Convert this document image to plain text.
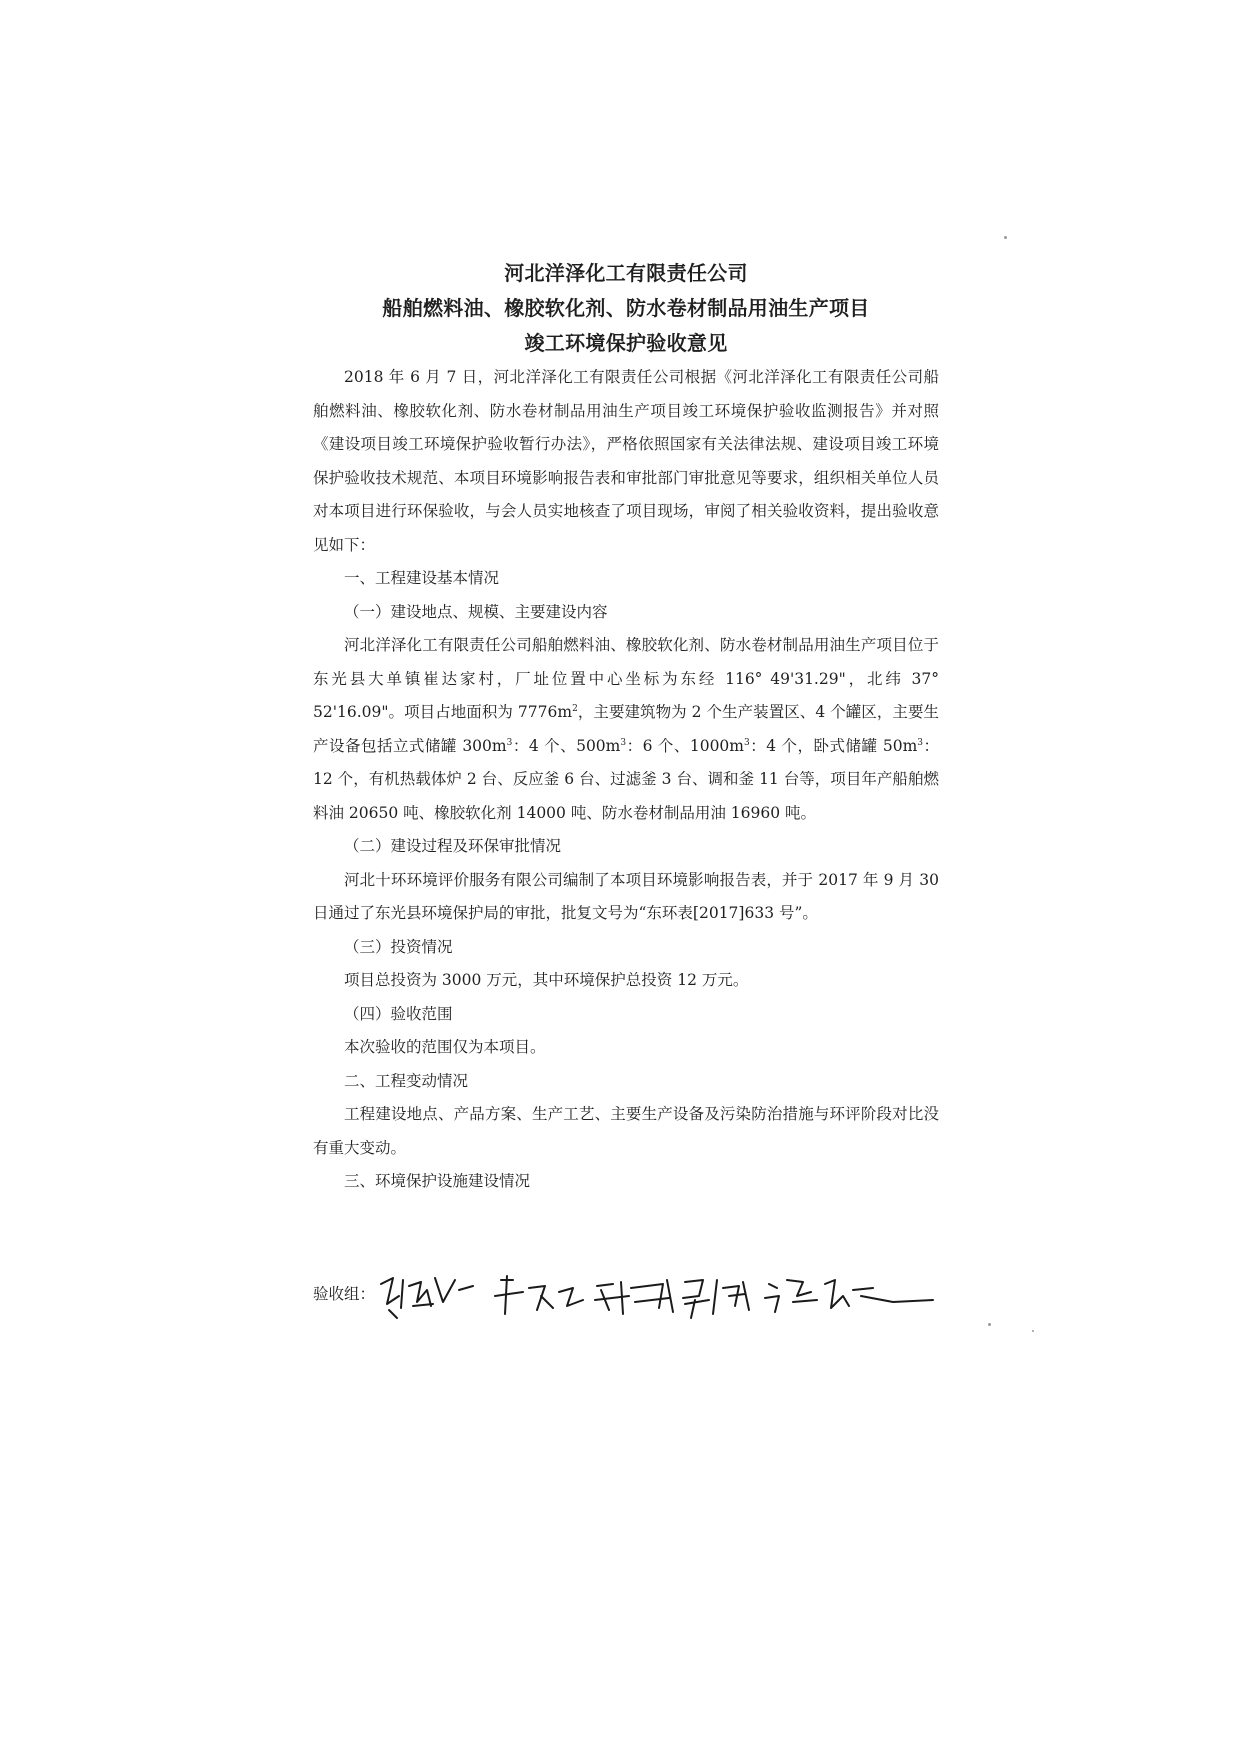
河北洋泽化工有限责任公司

船舶燃料油、橡胶软化剂、防水卷材制品用油生产项目

竣工环境保护验收意见

2018 年 6 月 7 日，河北洋泽化工有限责任公司根据《河北洋泽化工有限责任公司船舶燃料油、橡胶软化剂、防水卷材制品用油生产项目竣工环境保护验收监测报告》并对照《建设项目竣工环境保护验收暂行办法》，严格依照国家有关法律法规、建设项目竣工环境保护验收技术规范、本项目环境影响报告表和审批部门审批意见等要求，组织相关单位人员对本项目进行环保验收，与会人员实地核查了项目现场，审阅了相关验收资料，提出验收意见如下：

一、工程建设基本情况

（一）建设地点、规模、主要建设内容

河北洋泽化工有限责任公司船舶燃料油、橡胶软化剂、防水卷材制品用油生产项目位于东光县大单镇崔达家村，厂址位置中心坐标为东经 116° 49'31.29"，北纬 37° 52'16.09"。项目占地面积为 $7776m^2$，主要建筑物为 2 个生产装置区、4 个罐区，主要生产设备包括立式储罐 $300m^3$：4 个、$500m^3$：6 个、$1000m^3$：4 个，卧式储罐 $50m^3$：12 个，有机热载体炉 2 台、反应釜 6 台、过滤釜 3 台、调和釜 11 台等，项目年产船舶燃料油 20650 吨、橡胶软化剂 14000 吨、防水卷材制品用油 16960 吨。

（二）建设过程及环保审批情况

河北十环环境评价服务有限公司编制了本项目环境影响报告表，并于 2017 年 9 月 30 日通过了东光县环境保护局的审批，批复文号为“东环表[2017]633 号”。

（三）投资情况

项目总投资为 3000 万元，其中环境保护总投资 12 万元。

（四）验收范围

本次验收的范围仅为本项目。

二、工程变动情况

工程建设地点、产品方案、生产工艺、主要生产设备及污染防治措施与环评阶段对比没有重大变动。

三、环境保护设施建设情况

验收组：
